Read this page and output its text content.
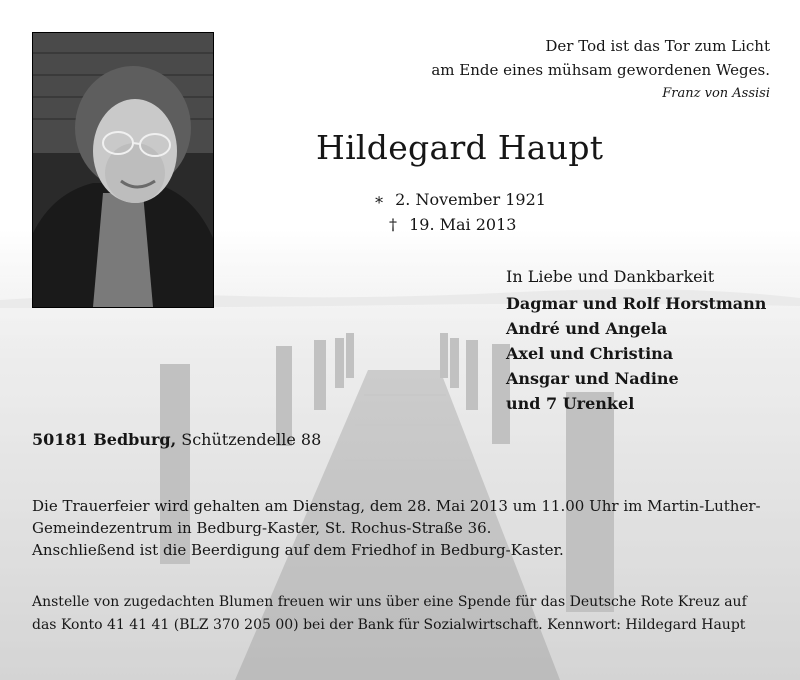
Der Tod ist das Tor zum Licht
am Ende eines mühsam gewordenen Weges.
Franz von Assisi
Hildegard Haupt
∗ 2. November 1921
† 19. Mai 2013
In Liebe und Dankbarkeit
Dagmar und Rolf Horstmann
André und Angela
Axel und Christina
Ansgar und Nadine
und 7 Urenkel
50181 Bedburg, Schützendelle 88

Die Trauerfeier wird gehalten am Dienstag, dem 28. Mai 2013 um 11.00 Uhr im Martin-Luther-

Gemeindezentrum in Bedburg-Kaster, St. Rochus-Straße 36.

Anschließend ist die Beerdigung auf dem Friedhof in Bedburg-Kaster.

Anstelle von zugedachten Blumen freuen wir uns über eine Spende für das Deutsche Rote Kreuz auf
das Konto 41 41 41 (BLZ 370 205 00) bei der Bank für Sozialwirtschaft. Kennwort: Hildegard Haupt
